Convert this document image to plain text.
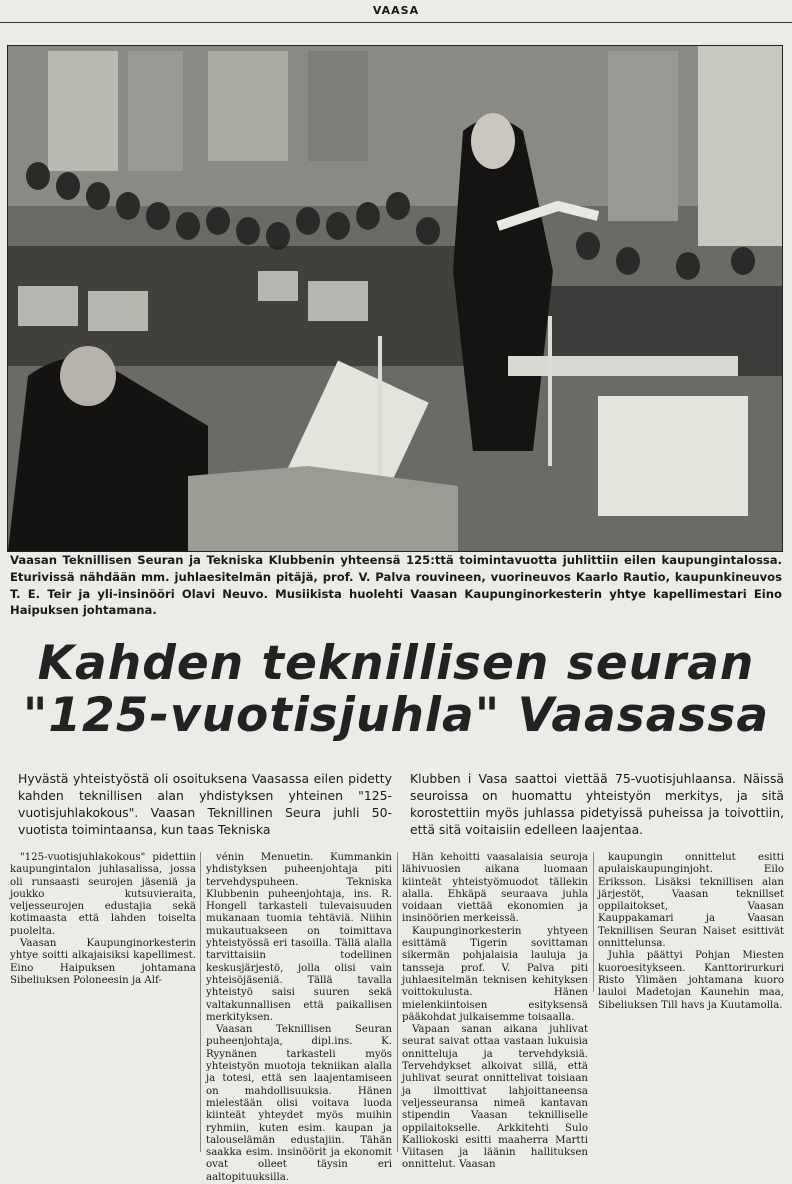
VAASA
Vaasan Teknillisen Seuran ja Tekniska Klubbenin yhteensä 125:ttä toimintavuotta juhlittiin eilen kaupungintalossa. Eturivissä nähdään mm. juhlaesitelmän pitäjä, prof. V. Palva rouvineen, vuorineuvos Kaarlo Rautio, kaupunkineuvos T. E. Teir ja yli-insinööri Olavi Neuvo. Musiikista huolehti Vaasan Kaupunginorkesterin yhtye kapellimestari Eino Haipuksen johtamana.
Kahden teknillisen seuran
"125-vuotisjuhla" Vaasassa
Hyvästä yhteistyöstä oli osoituksena Vaasassa eilen pidetty kahden teknillisen alan yhdistyksen yhteinen "125-vuotisjuhlakokous". Vaasan Teknillinen Seura juhli 50-vuotista toimintaansa, kun taas Tekniska
Klubben i Vasa saattoi viettää 75-vuotisjuhlaansa. Näissä seuroissa on huomattu yhteistyön merkitys, ja sitä korostettiin myös juhlassa pidetyissä puheissa ja toivottiin, että sitä voitaisiin edelleen laajentaa.

"125-vuotisjuhlakokous" pidettiin kaupungintalon juhlasalissa, jossa oli runsaasti seurojen jäseniä ja joukko kutsuvieraita, veljesseurojen edustajia sekä kotimaasta että lahden toiselta puolelta.

Vaasan Kaupunginorkesterin yhtye soitti alkajaisiksi kapellimest. Eino Haipuksen johtamana Sibeliuksen Poloneesin ja Alf-

vénin Menuetin. Kummankin yhdistyksen puheenjohtaja piti tervehdyspuheen. Tekniska Klubbenin puheenjohtaja, ins. R. Hongell tarkasteli tulevaisuuden mukanaan tuomia tehtäviä. Niihin mukautuakseen on toimittava yhteistyössä eri tasoilla. Tällä alalla tarvittaisiin todellinen keskusjärjestö, jolla olisi vain yhteisöjäseniä. Tällä tavalla yhteistyö saisi suuren sekä valtakunnallisen että paikallisen merkityksen.

Vaasan Teknillisen Seuran puheenjohtaja, dipl.ins. K. Ryynänen tarkasteli myös yhteistyön muotoja tekniikan alalla ja totesi, että sen laajentamiseen on mahdollisuuksia. Hänen mielestään olisi voitava luoda kiinteät yhteydet myös muihin ryhmiin, kuten esim. kaupan ja talouselämän edustajiin. Tähän saakka esim. insinöörit ja ekonomit ovat olleet täysin eri aaltopituuksilla.

Hän kehoitti vaasalaisia seuroja lähivuosien aikana luomaan kiinteät yhteistyömuodot tällekin alalla. Ehkäpä seuraava juhla voidaan viettää ekonomien ja insinöörien merkeissä.

Kaupunginorkesterin yhtyeen esittämä Tigerin sovittaman sikermän pohjalaisia lauluja ja tansseja prof. V. Palva piti juhlaesitelmän teknisen kehityksen voittokulusta. Hänen mielenkiintoisen esityksensä pääkohdat julkaisemme toisaalla.

Vapaan sanan aikana juhlivat seurat saivat ottaa vastaan lukuisia onnitteluja ja tervehdyksiä. Tervehdykset alkoivat sillä, että juhlivat seurat onnittelivat toisiaan ja ilmoittivat lahjoittaneensa veljesseuransa nimeä kantavan stipendin Vaasan teknilliselle oppilaitokselle. Arkkitehti Sulo Kalliokoski esitti maaherra Martti Viitasen ja läänin hallituksen onnittelut. Vaasan

kaupungin onnittelut esitti apulaiskaupunginjoht. Eilo Eriksson. Lisäksi teknillisen alan järjestöt, Vaasan teknillset oppilaitokset, Vaasan Kauppakamari ja Vaasan Teknillisen Seuran Naiset esittivät onnittelunsa.

Juhla päättyi Pohjan Miesten kuoroesitykseen. Kanttorirurkuri Risto Ylimäen johtamana kuoro lauloi Madetojan Kaunehin maa, Sibeliuksen Till havs ja Kuutamolla.
